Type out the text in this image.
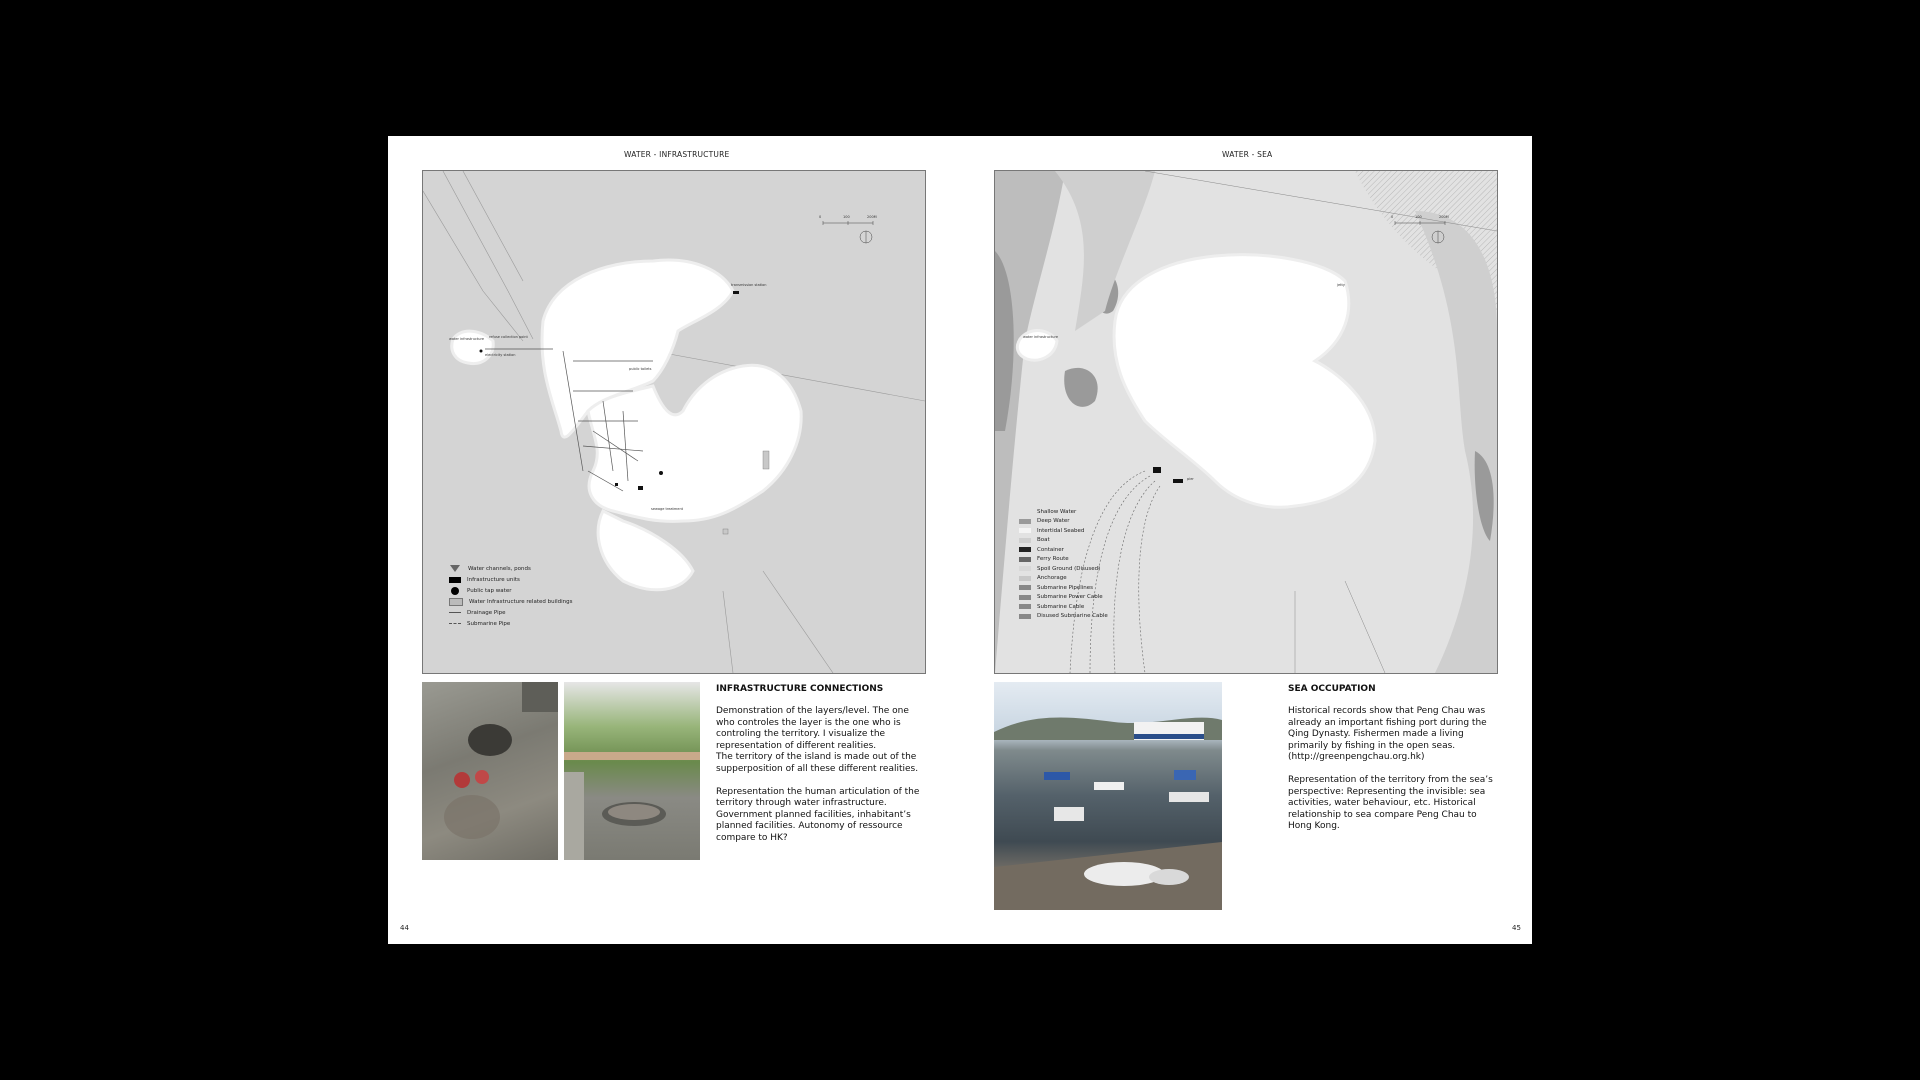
WATER - INFRASTRUCTURE
0	100	200M
water infrastructure refuse collection point
electricity station
public toilets
transmission station
sewage treatment
Water channels, ponds
Infrastructure units
Public tap water
Water Infrastructure related buildings
Drainage Pipe
Submarine Pipe
INFRASTRUCTURE CONNECTIONS
Demonstration of the layers/level. The one who controles the layer is the one who is controling the territory. I visualize the representation of different realities.
The territory of the island is made out of the supperposition of all these different realities.

Representation the human articulation of the territory through water infrastructure. Government planned facilities, inhabitant’s planned facilities. Autonomy of ressource compare to HK?
44
WATER - SEA
0	100	200M
water infrastructure
jetty
pier
Shallow Water
Deep Water
Intertidal Seabed
Boat
Container
Ferry Route
Spoil Ground (Disused)
Anchorage
Submarine Pipelines
Submarine Power Cable
Submarine Cable
Disused Submarine Cable
SEA OCCUPATION
Historical records show that Peng Chau was already an important fishing port during the Qing Dynasty. Fishermen made a living primarily by fishing in the open seas.
(http://greenpengchau.org.hk)

Representation of the territory from the sea’s perspective: Representing the invisible: sea activities, water behaviour, etc. Historical relationship to sea compare Peng Chau to Hong Kong.
45
